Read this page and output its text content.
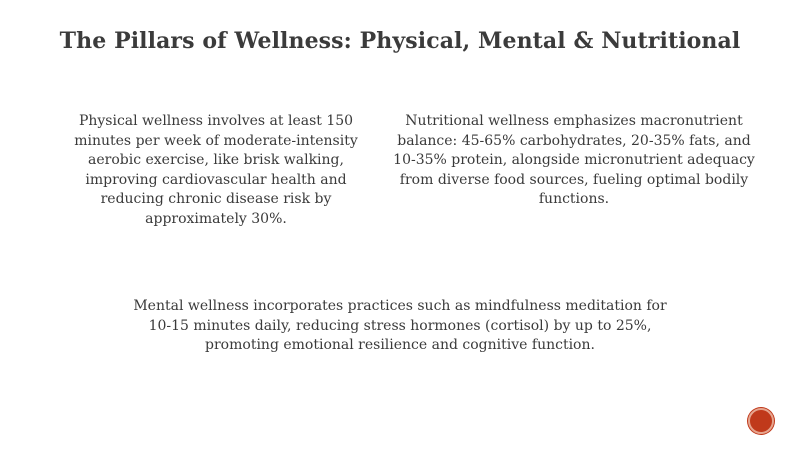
The Pillars of Wellness: Physical, Mental & Nutritional

Physical wellness involves at least 150 minutes per week of moderate-intensity aerobic exercise, like brisk walking, improving cardiovascular health and reducing chronic disease risk by approximately 30%.

Nutritional wellness emphasizes macronutrient balance: 45-65% carbohydrates, 20-35% fats, and 10-35% protein, alongside micronutrient adequacy from diverse food sources, fueling optimal bodily functions.

Mental wellness incorporates practices such as mindfulness meditation for 10-15 minutes daily, reducing stress hormones (cortisol) by up to 25%, promoting emotional resilience and cognitive function.
